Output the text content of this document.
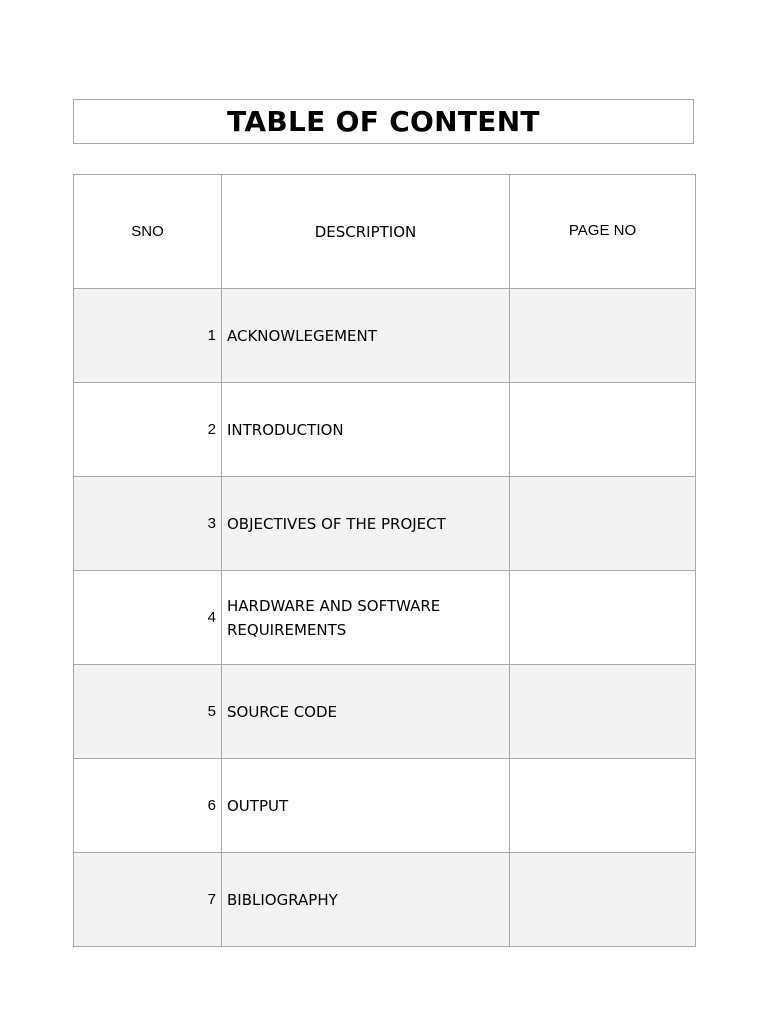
TABLE OF CONTENT
SNO	DESCRIPTION	PAGE NO
1	ACKNOWLEGEMENT	
2	INTRODUCTION	
3	OBJECTIVES OF THE PROJECT	
4	HARDWARE AND SOFTWARE REQUIREMENTS	
5	SOURCE CODE	
6	OUTPUT	
7	BIBLIOGRAPHY	
